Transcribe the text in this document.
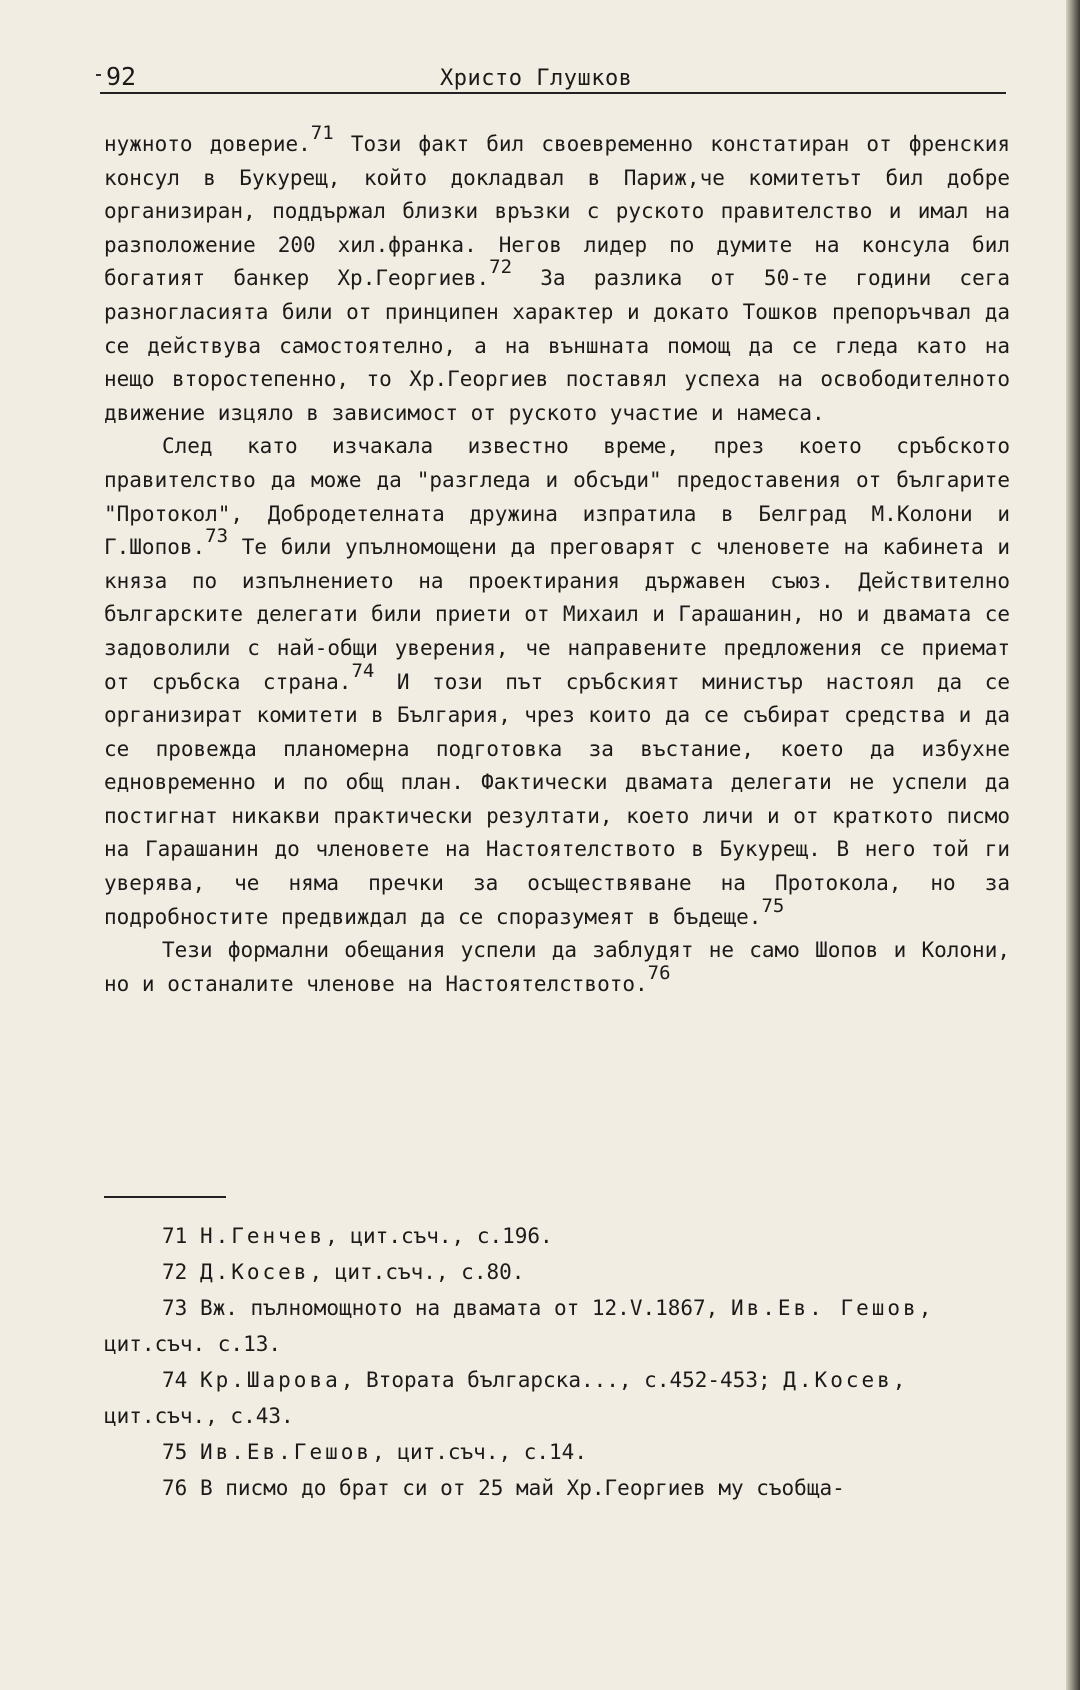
92	Христо Глушков

нужното доверие.71 Този факт бил своевременно констатиран от френския консул в Букурещ, който докладвал в Париж,че комитетът бил добре организиран, поддържал близки връзки с руското правителство и имал на разположение 200 хил.франка. Негов лидер по думите на консула бил богатият банкер Хр.Георгиев.72 За разлика от 50-те години сега разногласията били от принципен характер и докато Тошков препоръчвал да се действува самостоятелно, а на външната помощ да се гледа като на нещо второстепенно, то Хр.Георгиев поставял успеха на освободителното движение изцяло в зависимост от руското участие и намеса.

След като изчакала известно време, през което сръбското правителство да може да "разгледа и обсъди" предоставения от българите "Протокол", Добродетелната дружина изпратила в Белград М.Колони и Г.Шопов.73 Те били упълномощени да преговарят с членовете на кабинета и княза по изпълнението на проектирания държавен съюз. Действително българските делегати били приети от Михаил и Гарашанин, но и двамата се задоволили с най-общи уверения, че направените предложения се приемат от сръбска страна.74 И този път сръбският министър настоял да се организират комитети в България, чрез които да се събират средства и да се провежда планомерна подготовка за въстание, което да избухне едновременно и по общ план. Фактически двамата делегати не успели да постигнат никакви практически резултати, което личи и от краткото писмо на Гарашанин до членовете на Настоятелството в Букурещ. В него той ги уверява, че няма пречки за осъществяване на Протокола, но за подробностите предвиждал да се споразумеят в бъдеще.75

Тези формални обещания успели да заблудят не само Шопов и Колони, но и останалите членове на Настоятелството.76

71 Н.Генчев, цит.съч., с.196.

72 Д.Косев, цит.съч., с.80.

73 Вж. пълномощното на двамата от 12.V.1867, Ив.Ев. Гешов, цит.съч. с.13.

74 Кр.Шарова, Втората българска..., с.452-453; Д.Косев, цит.съч., с.43.

75 Ив.Ев.Гешов, цит.съч., с.14.

76 В писмо до брат си от 25 май Хр.Георгиев му съобща-
